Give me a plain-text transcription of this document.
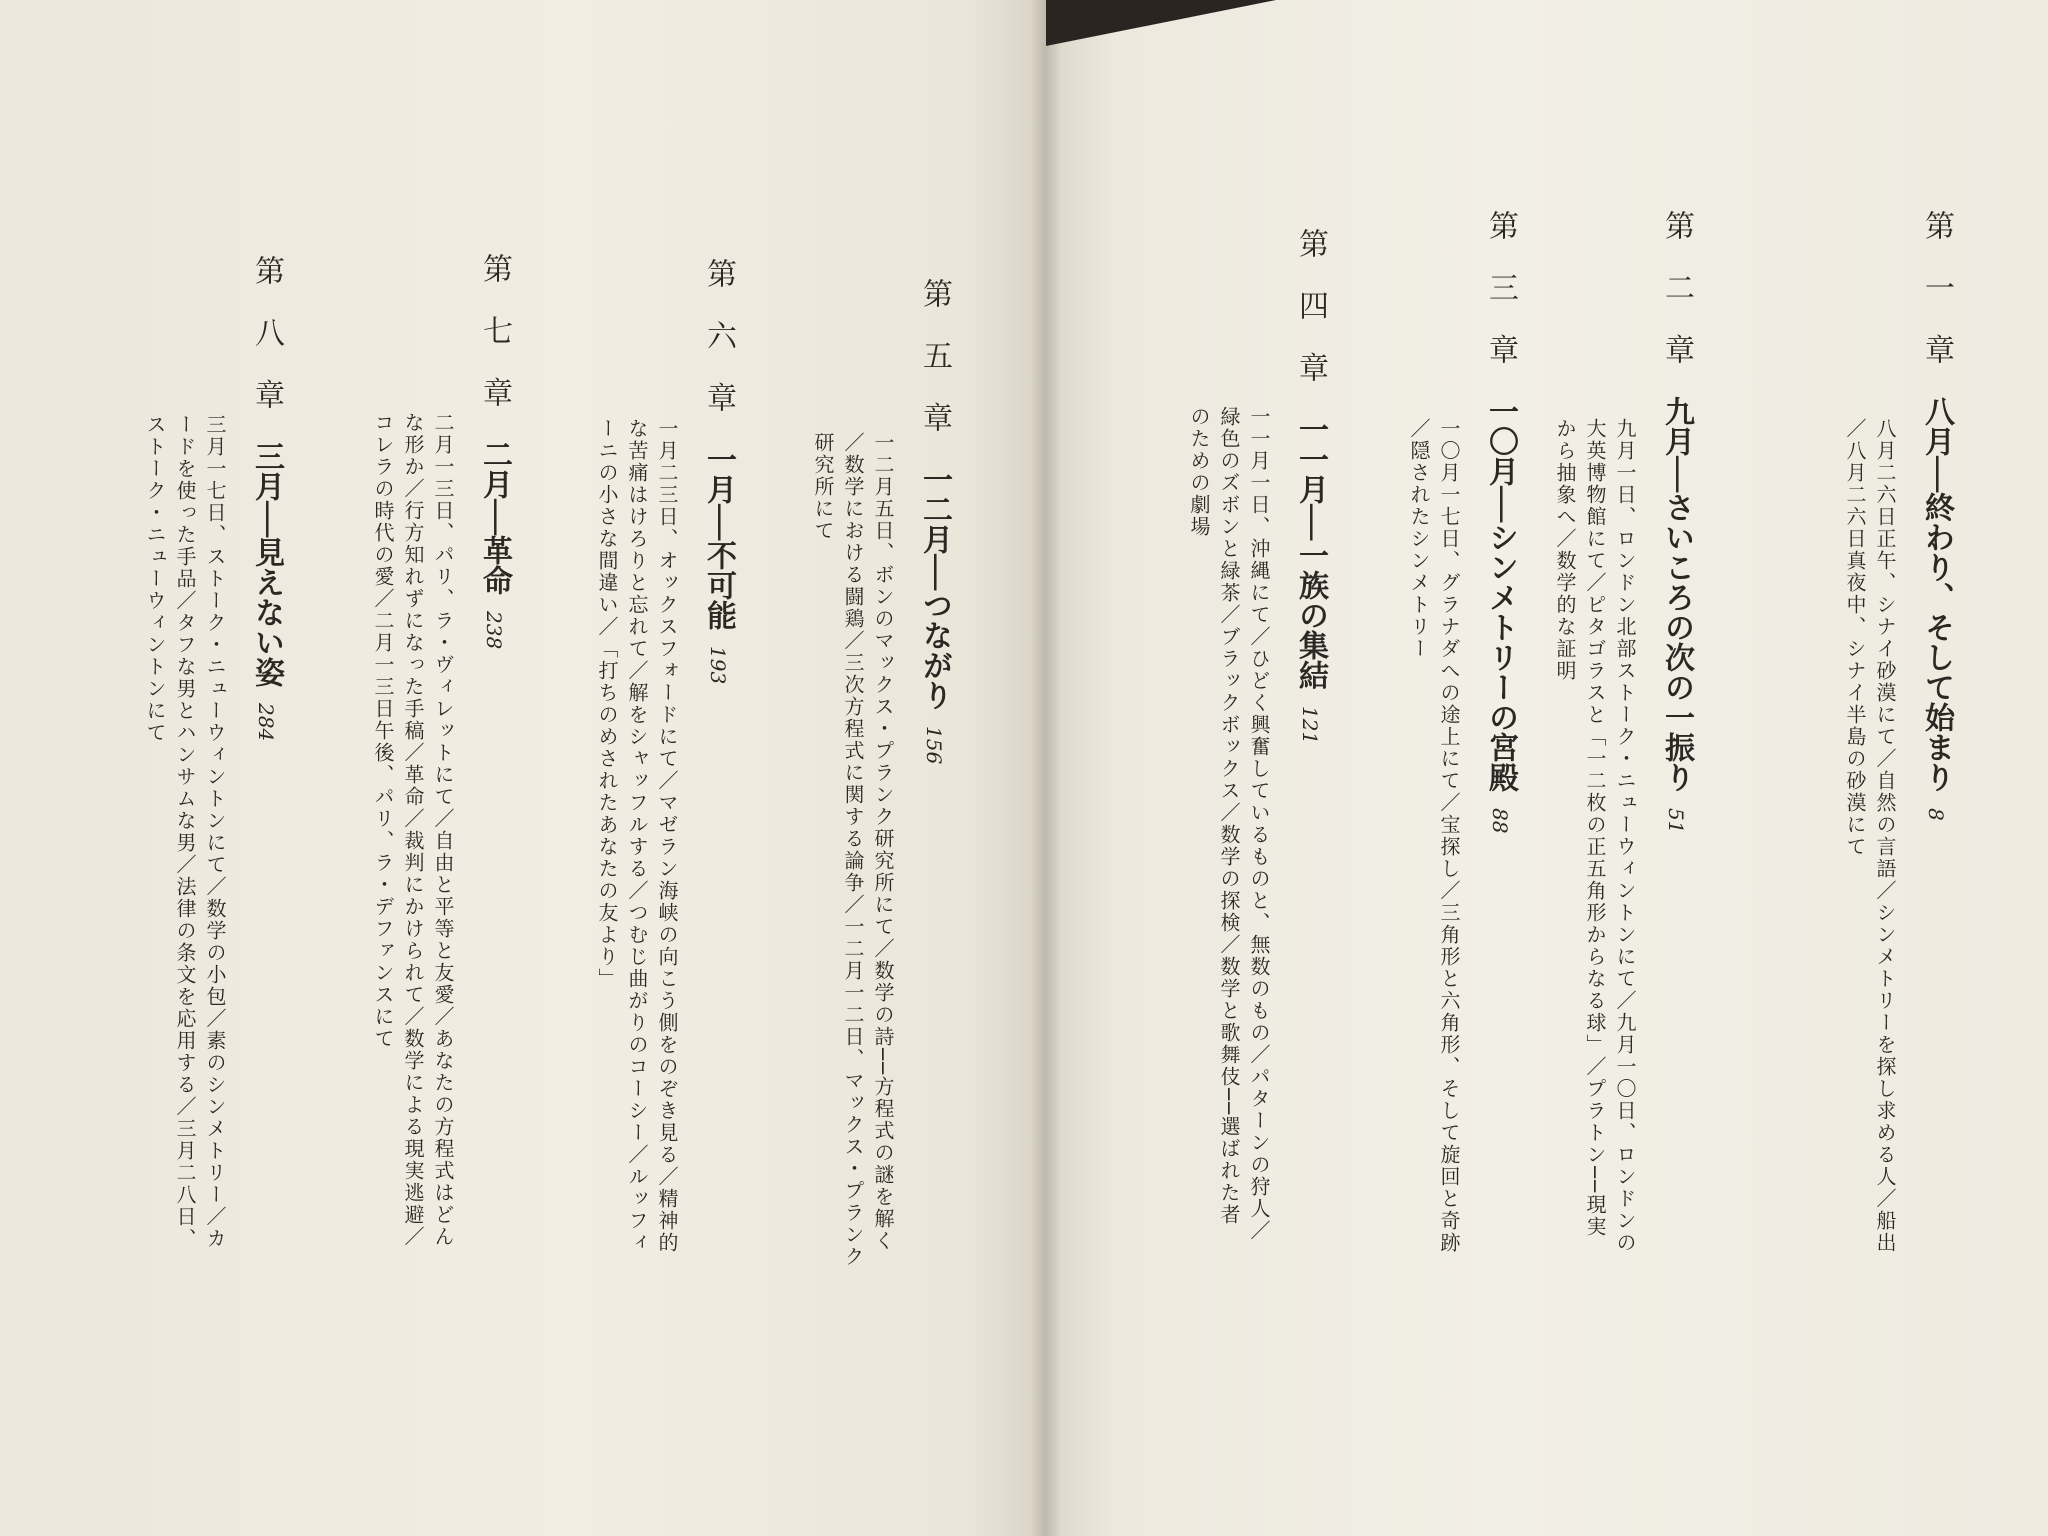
第一章八月──終わり、そして始まり8

八月二六日正午、シナイ砂漠にて／自然の言語／シンメトリーを探し求める人／船出

／八月二六日真夜中、シナイ半島の砂漠にて

第二章九月──さいころの次の一振り51

九月一日、ロンドン北部ストーク・ニューウィントンにて／九月一〇日、ロンドンの

大英博物館にて／ピタゴラスと「一二枚の正五角形からなる球」／プラトン──現実

から抽象へ／数学的な証明

第三章一〇月──シンメトリーの宮殿88

一〇月一七日、グラナダへの途上にて／宝探し／三角形と六角形、そして旋回と奇跡

／隠されたシンメトリー

第四章一一月──一族の集結121

一一月一日、沖縄にて／ひどく興奮しているものと、無数のもの／パターンの狩人／

緑色のズボンと緑茶／ブラックボックス／数学の探検／数学と歌舞伎──選ばれた者

のための劇場

第五章一二月──つながり156

一二月五日、ボンのマックス・プランク研究所にて／数学の詩──方程式の謎を解く

／数学における闘鶏／三次方程式に関する論争／一二月一二日、マックス・プランク

研究所にて

第六章一月──不可能193

一月二三日、オックスフォードにて／マゼラン海峡の向こう側をのぞき見る／精神的

な苦痛はけろりと忘れて／解をシャッフルする／つむじ曲がりのコーシー／ルッフィ

ーニの小さな間違い／「打ちのめされたあなたの友より」

第七章二月──革命238

二月一三日、パリ、ラ・ヴィレットにて／自由と平等と友愛／あなたの方程式はどん

な形か／行方知れずになった手稿／革命／裁判にかけられて／数学による現実逃避／

コレラの時代の愛／二月一三日午後、パリ、ラ・デファンスにて

第八章三月──見えない姿284

三月一七日、ストーク・ニューウィントンにて／数学の小包／素のシンメトリー／カ

ードを使った手品／タフな男とハンサムな男／法律の条文を応用する／三月二八日、

ストーク・ニューウィントンにて
